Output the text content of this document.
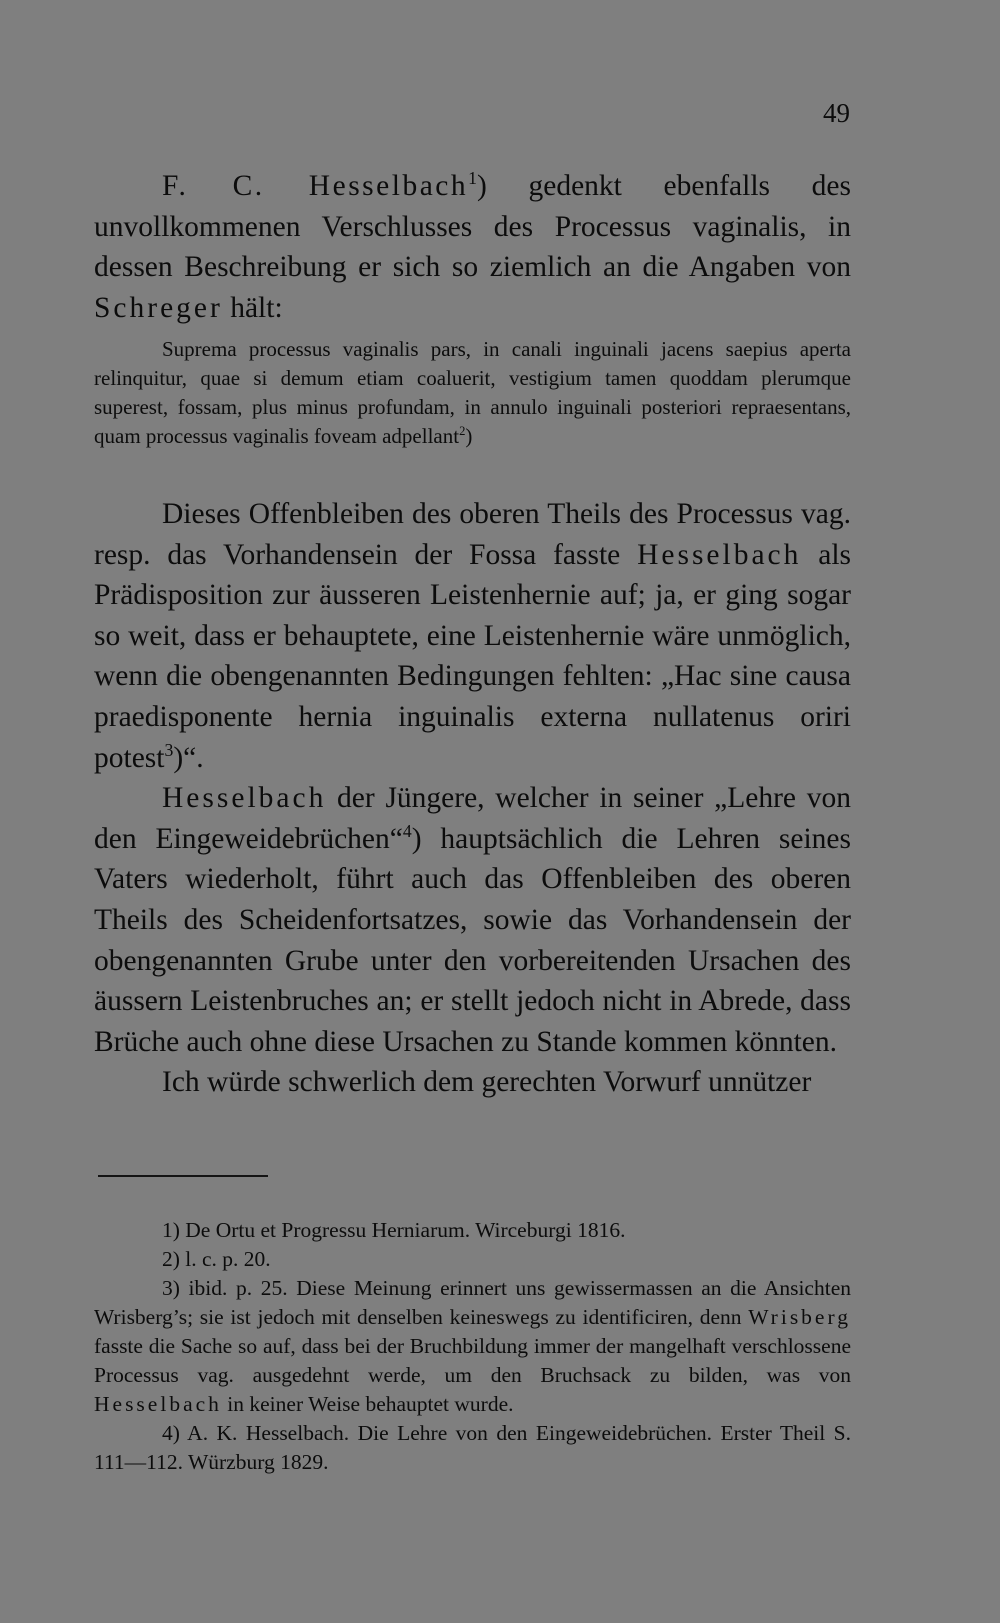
49

F. C. Hesselbach$^1$) gedenkt ebenfalls des unvollkommenen Verschlusses des Processus vaginalis, in dessen Beschreibung er sich so ziemlich an die Angaben von Schreger hält:

Suprema processus vaginalis pars, in canali inguinali jacens saepius aperta relinquitur, quae si demum etiam coaluerit, vestigium tamen quoddam plerumque superest, fossam, plus minus profundam, in annulo inguinali posteriori repraesentans, quam processus vaginalis foveam adpellant$^2$)

Dieses Offenbleiben des oberen Theils des Processus vag. resp. das Vorhandensein der Fossa fasste Hesselbach als Prädisposition zur äusseren Leistenhernie auf; ja, er ging sogar so weit, dass er behauptete, eine Leistenhernie wäre unmöglich, wenn die obengenannten Bedingungen fehlten: „Hac sine causa praedisponente hernia inguinalis externa nullatenus oriri potest$^3$)“.

Hesselbach der Jüngere, welcher in seiner „Lehre von den Eingeweidebrüchen“$^4$) hauptsächlich die Lehren seines Vaters wiederholt, führt auch das Offenbleiben des oberen Theils des Scheidenfortsatzes, sowie das Vorhandensein der obengenannten Grube unter den vorbereitenden Ursachen des äussern Leistenbruches an; er stellt jedoch nicht in Abrede, dass Brüche auch ohne diese Ursachen zu Stande kommen könnten.

Ich würde schwerlich dem gerechten Vorwurf unnützer

1) De Ortu et Progressu Herniarum. Wirceburgi 1816.

2) l. c. p. 20.

3) ibid. p. 25. Diese Meinung erinnert uns gewissermassen an die Ansichten Wrisberg’s; sie ist jedoch mit denselben keineswegs zu identificiren, denn Wrisberg fasste die Sache so auf, dass bei der Bruchbildung immer der mangelhaft verschlossene Processus vag. ausgedehnt werde, um den Bruchsack zu bilden, was von Hesselbach in keiner Weise behauptet wurde.

4) A. K. Hesselbach. Die Lehre von den Eingeweidebrüchen. Erster Theil S. 111—112. Würzburg 1829.
